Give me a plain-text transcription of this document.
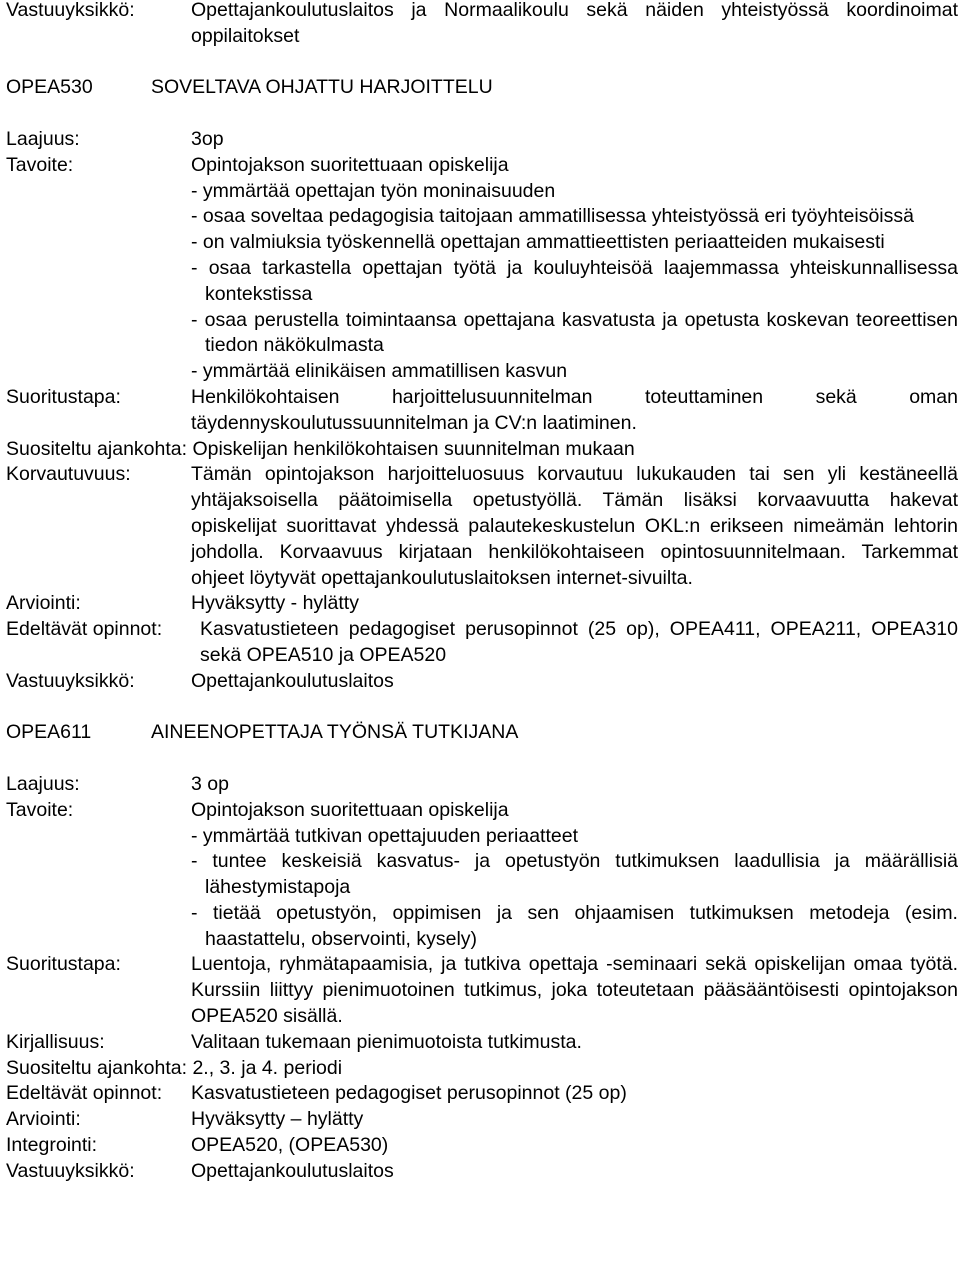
Vastuuyksikkö:	Opettajankoulutuslaitos ja Normaalikoulu sekä näiden yhteistyössä koordinoimat oppilaitokset
OPEA530	SOVELTAVA OHJATTU HARJOITTELU
Laajuus:	3op
Tavoite:	Opintojakson suoritettuaan opiskelija
- ymmärtää opettajan työn moninaisuuden
- osaa soveltaa pedagogisia taitojaan ammatillisessa yhteistyössä eri työyhteisöissä
- on valmiuksia työskennellä opettajan ammattieettisten periaatteiden mukaisesti
- osaa tarkastella opettajan työtä ja kouluyhteisöä laajemmassa yhteiskunnallisessa kontekstissa
- osaa perustella toimintaansa opettajana kasvatusta ja opetusta koskevan teoreettisen tiedon näkökulmasta
- ymmärtää elinikäisen ammatillisen kasvun
Suoritustapa:	Henkilökohtaisen harjoittelusuunnitelman toteuttaminen sekä oman täydennyskoulutussuunnitelman ja CV:n laatiminen.
Suositeltu ajankohta: Opiskelijan henkilökohtaisen suunnitelman mukaan
Korvautuvuus:	Tämän opintojakson harjoitteluosuus korvautuu lukukauden tai sen yli kestäneellä yhtäjaksoisella päätoimisella opetustyöllä. Tämän lisäksi korvaavuutta hakevat opiskelijat suorittavat yhdessä palautekeskustelun OKL:n erikseen nimeämän lehtorin johdolla. Korvaavuus kirjataan henkilökohtaiseen opintosuunnitelmaan. Tarkemmat ohjeet löytyvät opettajankoulutuslaitoksen internet-sivuilta.
Arviointi:	Hyväksytty - hylätty
Edeltävät opinnot: Kasvatustieteen pedagogiset perusopinnot (25 op), OPEA411, OPEA211, OPEA310 sekä OPEA510 ja OPEA520
Vastuuyksikkö:	Opettajankoulutuslaitos
OPEA611	AINEENOPETTAJA TYÖNSÄ TUTKIJANA
Laajuus:	3 op
Tavoite:	Opintojakson suoritettuaan opiskelija
- ymmärtää tutkivan opettajuuden periaatteet
- tuntee keskeisiä kasvatus- ja opetustyön tutkimuksen laadullisia ja määrällisiä lähestymistapoja
- tietää opetustyön, oppimisen ja sen ohjaamisen tutkimuksen metodeja (esim. haastattelu, observointi, kysely)
Suoritustapa:	Luentoja, ryhmätapaamisia, ja tutkiva opettaja -seminaari sekä opiskelijan omaa työtä. Kurssiin liittyy pienimuotoinen tutkimus, joka toteutetaan pääsääntöisesti opintojakson OPEA520 sisällä.
Kirjallisuus:	Valitaan tukemaan pienimuotoista tutkimusta.
Suositeltu ajankohta: 2., 3. ja 4. periodi
Edeltävät opinnot: Kasvatustieteen pedagogiset perusopinnot (25 op)
Arviointi:	Hyväksytty – hylätty
Integrointi:	OPEA520, (OPEA530)
Vastuuyksikkö:	Opettajankoulutuslaitos
